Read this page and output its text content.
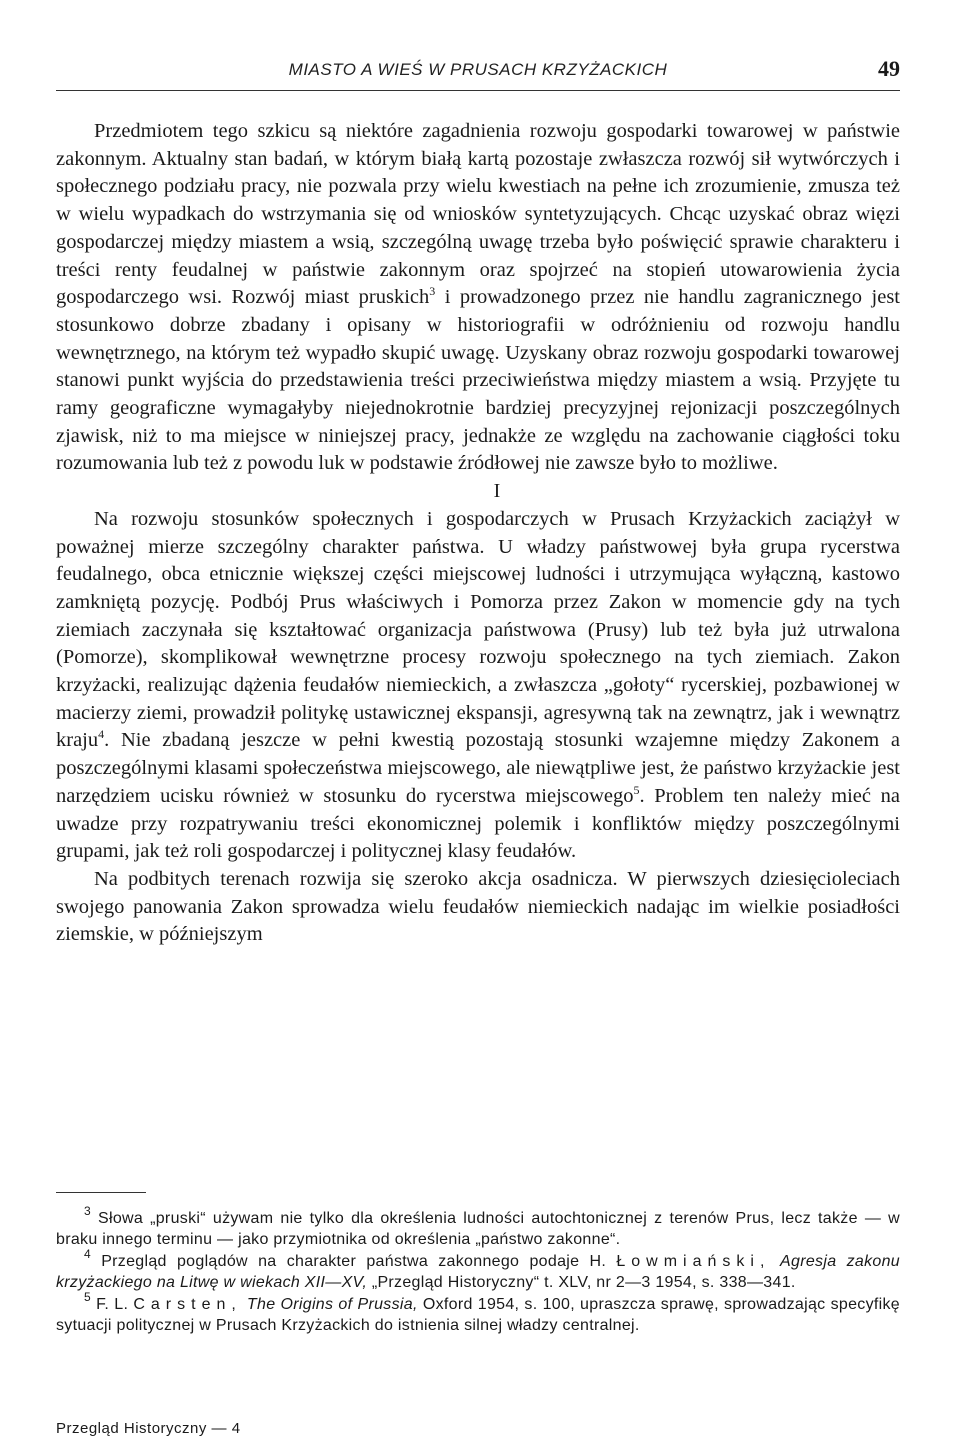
MIASTO A WIEŚ W PRUSACH KRZYŻACKICH	49

Przedmiotem tego szkicu są niektóre zagadnienia rozwoju gospodarki towarowej w państwie zakonnym. Aktualny stan badań, w którym białą kartą pozostaje zwłaszcza rozwój sił wytwórczych i społecznego podziału pracy, nie pozwala przy wielu kwestiach na pełne ich zrozumienie, zmusza też w wielu wypadkach do wstrzymania się od wniosków syntetyzujących. Chcąc uzyskać obraz więzi gospodarczej między miastem a wsią, szczególną uwagę trzeba było poświęcić sprawie charakteru i treści renty feudalnej w państwie zakonnym oraz spojrzeć na stopień utowarowienia życia gospodarczego wsi. Rozwój miast pruskich$^3$ i prowadzonego przez nie handlu zagranicznego jest stosunkowo dobrze zbadany i opisany w historiografii w odróżnieniu od rozwoju handlu wewnętrznego, na którym też wypadło skupić uwagę. Uzyskany obraz rozwoju gospodarki towarowej stanowi punkt wyjścia do przedstawienia treści przeciwieństwa między miastem a wsią. Przyjęte tu ramy geograficzne wymagałyby niejednokrotnie bardziej precyzyjnej rejonizacji poszczególnych zjawisk, niż to ma miejsce w niniejszej pracy, jednakże ze względu na zachowanie ciągłości toku rozumowania lub też z powodu luk w podstawie źródłowej nie zawsze było to możliwe.

I

Na rozwoju stosunków społecznych i gospodarczych w Prusach Krzyżackich zaciążył w poważnej mierze szczególny charakter państwa. U władzy państwowej była grupa rycerstwa feudalnego, obca etnicznie większej części miejscowej ludności i utrzymująca wyłączną, kastowo zamkniętą pozycję. Podbój Prus właściwych i Pomorza przez Zakon w momencie gdy na tych ziemiach zaczynała się kształtować organizacja państwowa (Prusy) lub też była już utrwalona (Pomorze), skomplikował wewnętrzne procesy rozwoju społecznego na tych ziemiach. Zakon krzyżacki, realizując dążenia feudałów niemieckich, a zwłaszcza „gołoty“ rycerskiej, pozbawionej w macierzy ziemi, prowadził politykę ustawicznej ekspansji, agresywną tak na zewnątrz, jak i wewnątrz kraju$^4$. Nie zbadaną jeszcze w pełni kwestią pozostają stosunki wzajemne między Zakonem a poszczególnymi klasami społeczeństwa miejscowego, ale niewątpliwe jest, że państwo krzyżackie jest narzędziem ucisku również w stosunku do rycerstwa miejscowego$^5$. Problem ten należy mieć na uwadze przy rozpatrywaniu treści ekonomicznej polemik i konfliktów między poszczególnymi grupami, jak też roli gospodarczej i politycznej klasy feudałów.

Na podbitych terenach rozwija się szeroko akcja osadnicza. W pierwszych dziesięcioleciach swojego panowania Zakon sprowadza wielu feudałów niemieckich nadając im wielkie posiadłości ziemskie, w późniejszym

$^3$ Słowa „pruski“ używam nie tylko dla określenia ludności autochtonicznej z terenów Prus, lecz także — w braku innego terminu — jako przymiotnika od określenia „państwo zakonne“.

$^4$ Przegląd poglądów na charakter państwa zakonnego podaje H. Łowmiański, Agresja zakonu krzyżackiego na Litwę w wiekach XII—XV, „Przegląd Historyczny“ t. XLV, nr 2—3 1954, s. 338—341.

$^5$ F. L. Carsten, The Origins of Prussia, Oxford 1954, s. 100, upraszcza sprawę, sprowadzając specyfikę sytuacji politycznej w Prusach Krzyżackich do istnienia silnej władzy centralnej.

Przegląd Historyczny — 4
